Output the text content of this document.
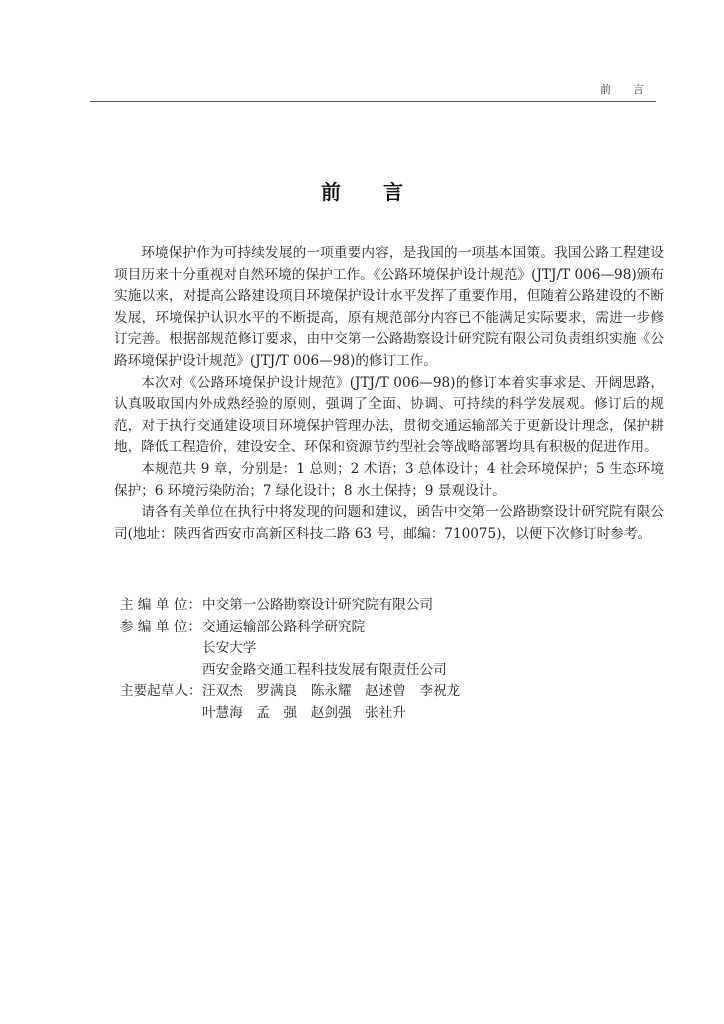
前言
前言

环境保护作为可持续发展的一项重要内容，是我国的一项基本国策。我国公路工程建设项目历来十分重视对自然环境的保护工作。《公路环境保护设计规范》(JTJ/T 006—98)颁布实施以来，对提高公路建设项目环境保护设计水平发挥了重要作用，但随着公路建设的不断发展，环境保护认识水平的不断提高，原有规范部分内容已不能满足实际要求，需进一步修订完善。根据部规范修订要求，由中交第一公路勘察设计研究院有限公司负责组织实施《公路环境保护设计规范》(JTJ/T 006—98)的修订工作。

本次对《公路环境保护设计规范》(JTJ/T 006—98)的修订本着实事求是、开阔思路，认真吸取国内外成熟经验的原则，强调了全面、协调、可持续的科学发展观。修订后的规范，对于执行交通建设项目环境保护管理办法，贯彻交通运输部关于更新设计理念，保护耕地，降低工程造价，建设安全、环保和资源节约型社会等战略部署均具有积极的促进作用。

本规范共 9 章，分别是：1 总则；2 术语；3 总体设计；4 社会环境保护；5 生态环境保护；6 环境污染防治；7 绿化设计；8 水土保持；9 景观设计。

请各有关单位在执行中将发现的问题和建议，函告中交第一公路勘察设计研究院有限公司(地址：陕西省西安市高新区科技二路 63 号，邮编：710075)，以便下次修订时参考。

主 编 单 位： 中交第一公路勘察设计研究院有限公司
参 编 单 位： 交通运输部公路科学研究院
长安大学
西安金路交通工程科技发展有限责任公司
主要起草人： 汪双杰　罗满良　陈永耀　赵述曾　李祝龙
叶慧海　孟　强　赵剑强　张社升
